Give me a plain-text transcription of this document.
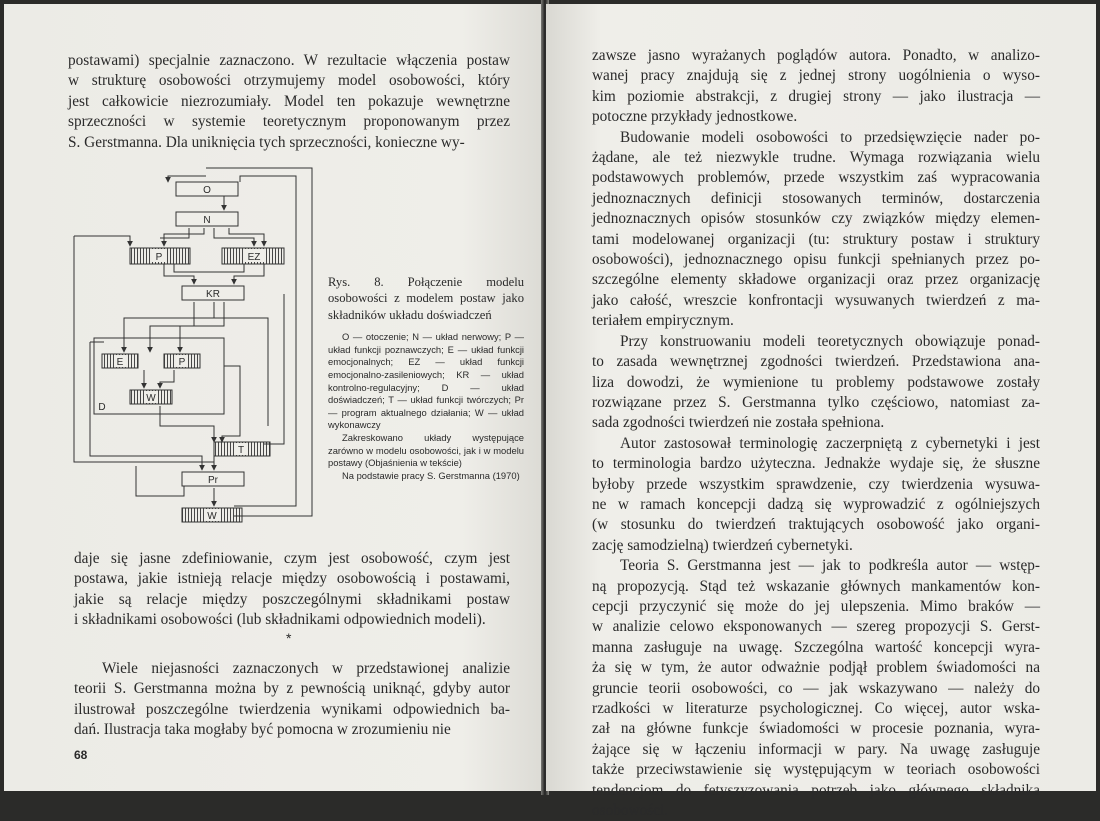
postawami) specjalnie zaznaczono. W rezultacie włączenia postaw
w strukturę osobowości otrzymujemy model osobowości, który
jest całkowicie niezrozumiały. Model ten pokazuje wewnętrzne
sprzeczności w systemie teoretycznym proponowanym przez
S. Gerstmanna. Dla uniknięcia tych sprzeczności, konieczne wy-
O
N
P	EZ
KR
E	P
W
D
T
Pr
W
Rys. 8. Połączenie modelu osobowości z modelem postaw jako składników układu doświadczeń

O — otoczenie; N — układ nerwowy; P — układ funkcji poznawczych; E — układ funkcji emocjonalnych; EZ — układ funkcji emocjonalno-zasileniowych; KR — układ kontrolno-regulacyjny; D — układ doświadczeń; T — układ funkcji twórczych; Pr — program aktualnego działania; W — układ wykonawczy

Zakreskowano układy występujące zarówno w modelu osobowości, jak i w modelu postawy (Objaśnienia w tekście)

Na podstawie pracy S. Gerstmanna (1970)

daje się jasne zdefiniowanie, czym jest osobowość, czym jest
postawa, jakie istnieją relacje między osobowością i postawami,
jakie są relacje między poszczególnymi składnikami postaw
i składnikami osobowości (lub składnikami odpowiednich modeli).
*
Wiele niejasności zaznaczonych w przedstawionej analizie
teorii S. Gerstmanna można by z pewnością uniknąć, gdyby autor
ilustrował poszczególne twierdzenia wynikami odpowiednich ba-
dań. Ilustracja taka mogłaby być pomocna w zrozumieniu nie
68
zawsze jasno wyrażanych poglądów autora. Ponadto, w analizo-
wanej pracy znajdują się z jednej strony uogólnienia o wyso-
kim poziomie abstrakcji, z drugiej strony — jako ilustracja —
potoczne przykłady jednostkowe.
Budowanie modeli osobowości to przedsięwzięcie nader po-
żądane, ale też niezwykle trudne. Wymaga rozwiązania wielu
podstawowych problemów, przede wszystkim zaś wypracowania
jednoznacznych definicji stosowanych terminów, dostarczenia
jednoznacznych opisów stosunków czy związków między elemen-
tami modelowanej organizacji (tu: struktury postaw i struktury
osobowości), jednoznacznego opisu funkcji spełnianych przez po-
szczególne elementy składowe organizacji oraz przez organizację
jako całość, wreszcie konfrontacji wysuwanych twierdzeń z ma-
teriałem empirycznym.
Przy konstruowaniu modeli teoretycznych obowiązuje ponad-
to zasada wewnętrznej zgodności twierdzeń. Przedstawiona ana-
liza dowodzi, że wymienione tu problemy podstawowe zostały
rozwiązane przez S. Gerstmanna tylko częściowo, natomiast za-
sada zgodności twierdzeń nie została spełniona.
Autor zastosował terminologię zaczerpniętą z cybernetyki i jest
to terminologia bardzo użyteczna. Jednakże wydaje się, że słuszne
byłoby przede wszystkim sprawdzenie, czy twierdzenia wysuwa-
ne w ramach koncepcji dadzą się wyprowadzić z ogólniejszych
(w stosunku do twierdzeń traktujących osobowość jako organi-
zację samodzielną) twierdzeń cybernetyki.
Teoria S. Gerstmanna jest — jak to podkreśla autor — wstęp-
ną propozycją. Stąd też wskazanie głównych mankamentów kon-
cepcji przyczynić się może do jej ulepszenia. Mimo braków —
w analizie celowo eksponowanych — szereg propozycji S. Gerst-
manna zasługuje na uwagę. Szczególna wartość koncepcji wyra-
ża się w tym, że autor odważnie podjął problem świadomości na
gruncie teorii osobowości, co — jak wskazywano — należy do
rzadkości w literaturze psychologicznej. Co więcej, autor wska-
zał na główne funkcje świadomości w procesie poznania, wyra-
żające się w łączeniu informacji w pary. Na uwagę zasługuje
także przeciwstawienie się występującym w teoriach osobowości
tendencjom do fetyszyzowania potrzeb jako głównego składnika
osobowości.
